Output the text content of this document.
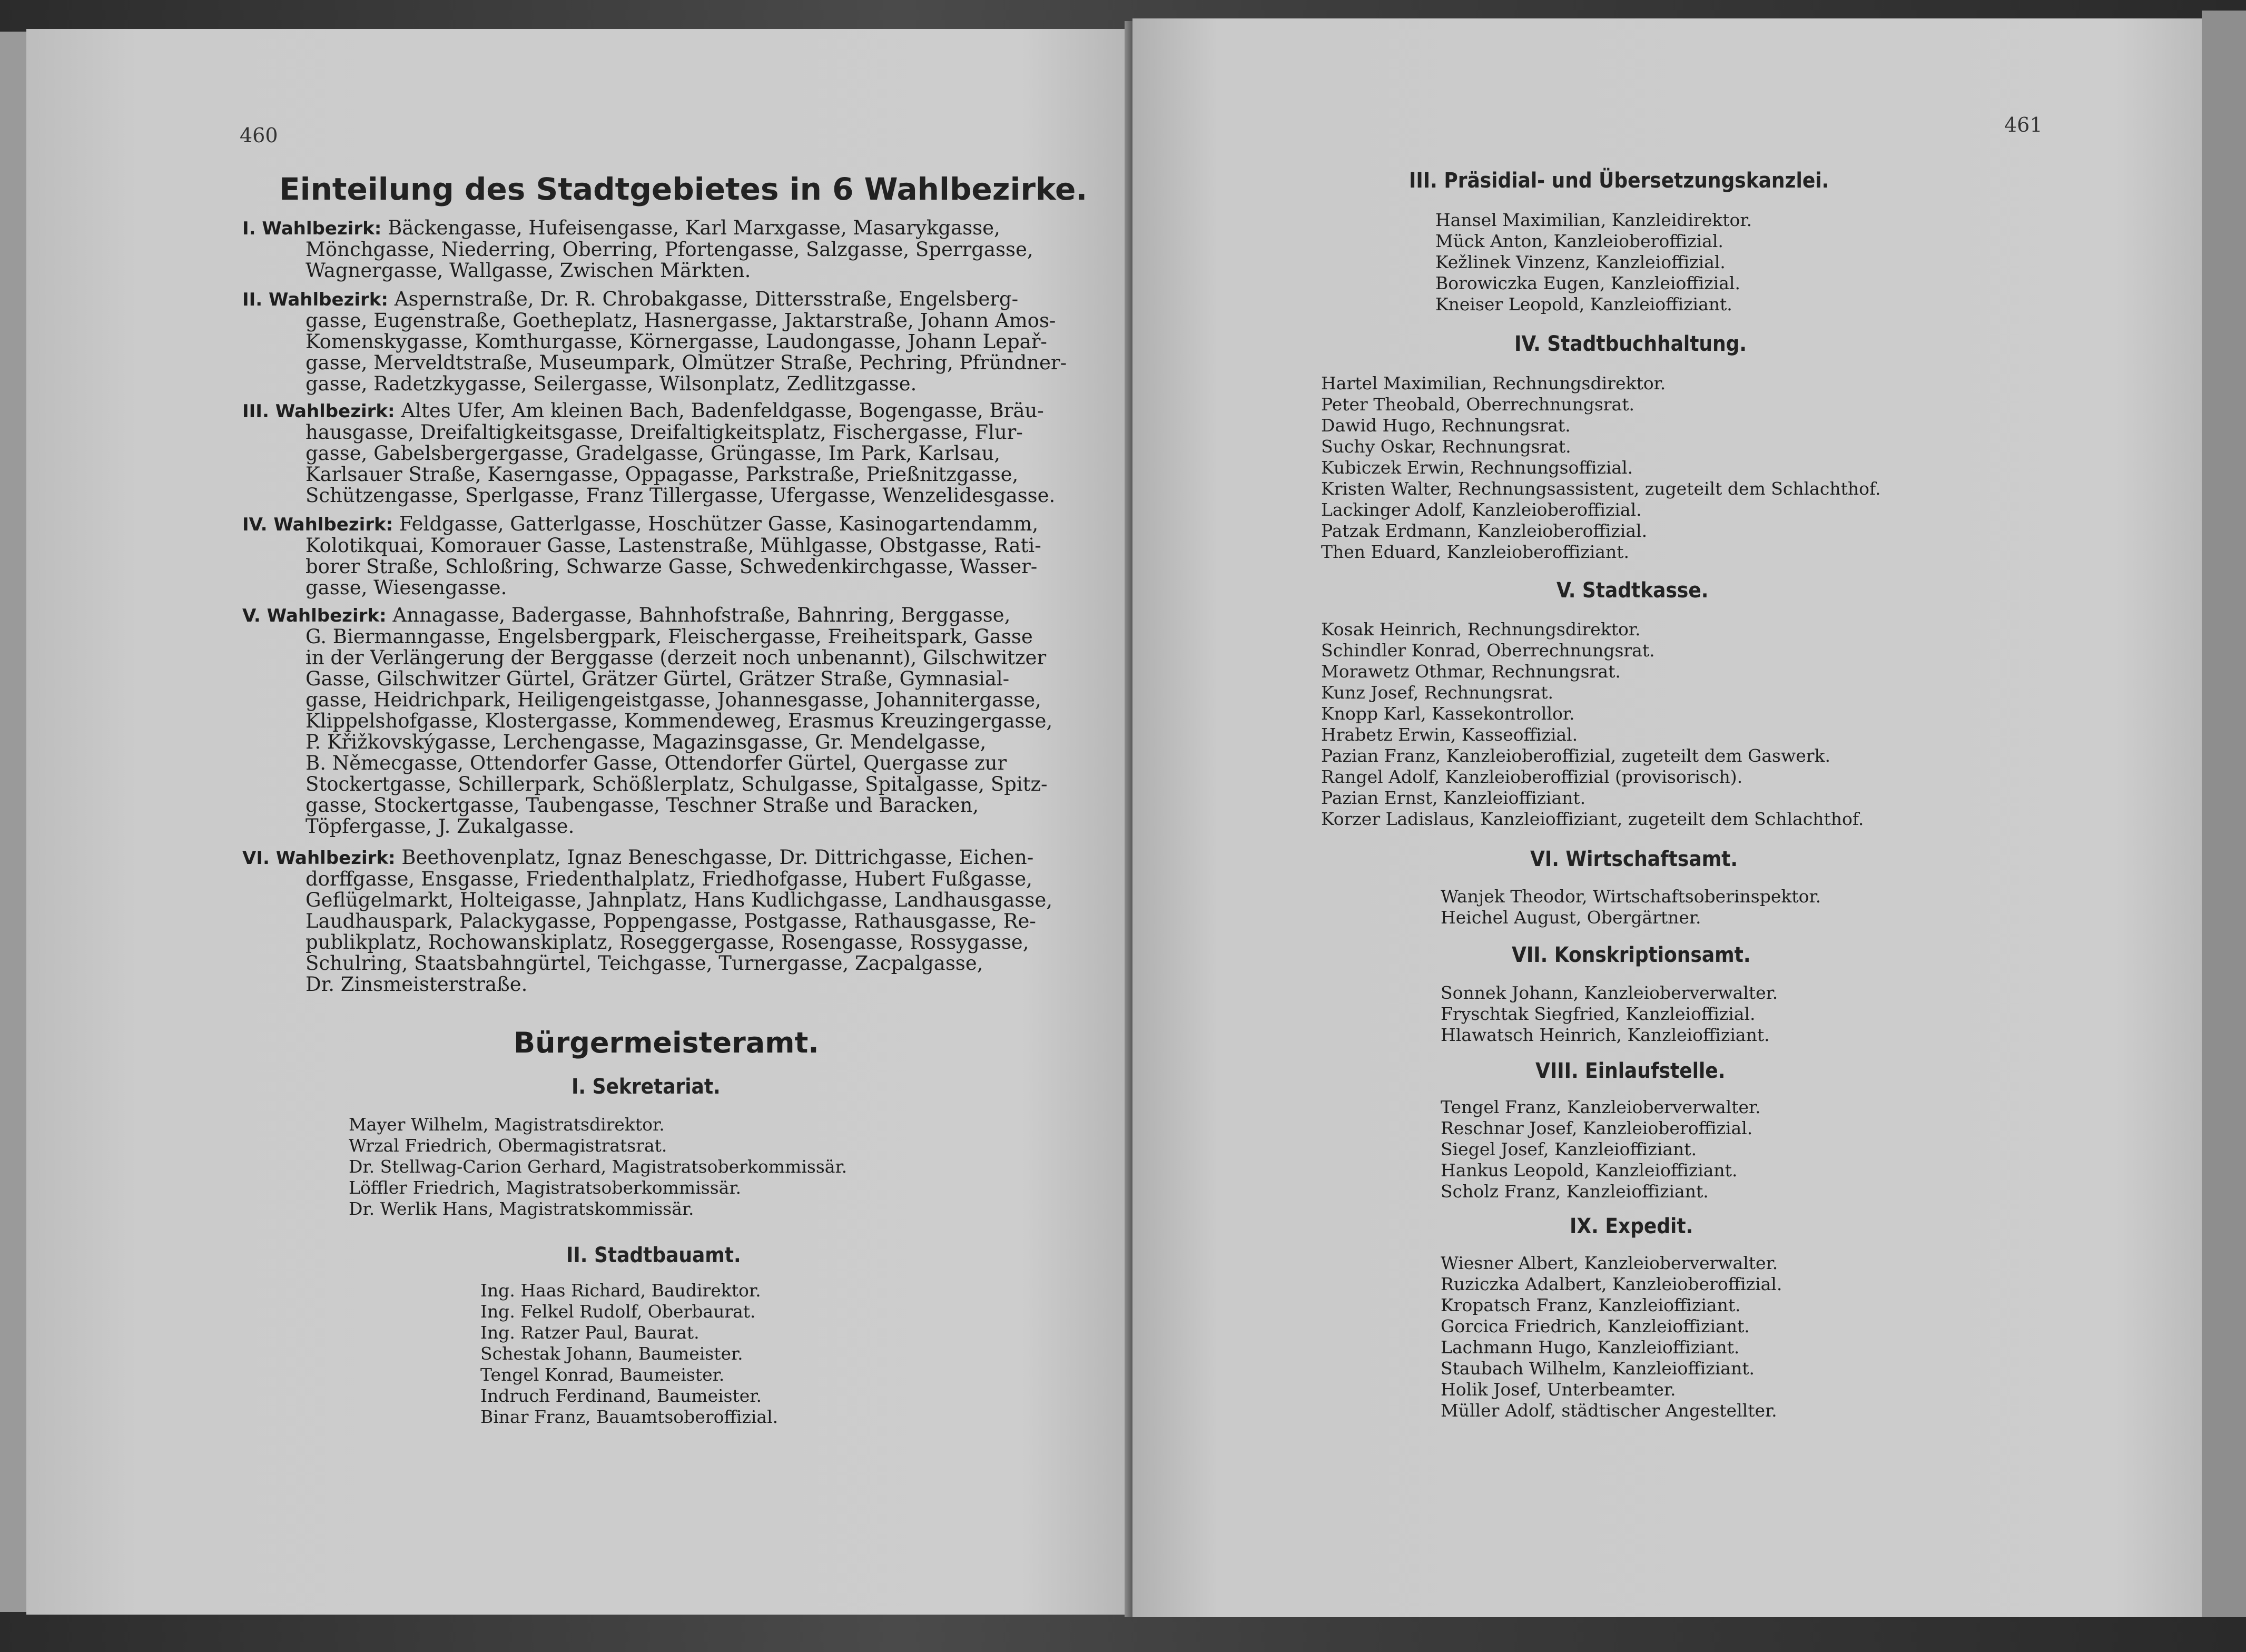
460
Einteilung des Stadtgebietes in 6 Wahlbezirke.
I. Wahlbezirk: Bäckengasse, Hufeisengasse, Karl Marxgasse, Masarykgasse,
Mönchgasse, Niederring, Oberring, Pfortengasse, Salzgasse, Sperrgasse,
Wagnergasse, Wallgasse, Zwischen Märkten.
II. Wahlbezirk: Aspernstraße, Dr. R. Chrobakgasse, Dittersstraße, Engelsberg-
gasse, Eugenstraße, Goetheplatz, Hasnergasse, Jaktarstraße, Johann Amos-
Komenskygasse, Komthurgasse, Körnergasse, Laudongasse, Johann Lepař-
gasse, Merveldtstraße, Museumpark, Olmützer Straße, Pechring, Pfründner-
gasse, Radetzkygasse, Seilergasse, Wilsonplatz, Zedlitzgasse.
III. Wahlbezirk: Altes Ufer, Am kleinen Bach, Badenfeldgasse, Bogengasse, Bräu-
hausgasse, Dreifaltigkeitsgasse, Dreifaltigkeitsplatz, Fischergasse, Flur-
gasse, Gabelsbergergasse, Gradelgasse, Grüngasse, Im Park, Karlsau,
Karlsauer Straße, Kaserngasse, Oppagasse, Parkstraße, Prießnitzgasse,
Schützengasse, Sperlgasse, Franz Tillergasse, Ufergasse, Wenzelidesgasse.
IV. Wahlbezirk: Feldgasse, Gatterlgasse, Hoschützer Gasse, Kasinogartendamm,
Kolotikquai, Komorauer Gasse, Lastenstraße, Mühlgasse, Obstgasse, Rati-
borer Straße, Schloßring, Schwarze Gasse, Schwedenkirchgasse, Wasser-
gasse, Wiesengasse.
V. Wahlbezirk: Annagasse, Badergasse, Bahnhofstraße, Bahnring, Berggasse,
G. Biermanngasse, Engelsbergpark, Fleischergasse, Freiheitspark, Gasse
in der Verlängerung der Berggasse (derzeit noch unbenannt), Gilschwitzer
Gasse, Gilschwitzer Gürtel, Grätzer Gürtel, Grätzer Straße, Gymnasial-
gasse, Heidrichpark, Heiligengeistgasse, Johannesgasse, Johannitergasse,
Klippelshofgasse, Klostergasse, Kommendeweg, Erasmus Kreuzingergasse,
P. Křižkovskýgasse, Lerchengasse, Magazinsgasse, Gr. Mendelgasse,
B. Němecgasse, Ottendorfer Gasse, Ottendorfer Gürtel, Quergasse zur
Stockertgasse, Schillerpark, Schößlerplatz, Schulgasse, Spitalgasse, Spitz-
gasse, Stockertgasse, Taubengasse, Teschner Straße und Baracken,
Töpfergasse, J. Zukalgasse.
VI. Wahlbezirk: Beethovenplatz, Ignaz Beneschgasse, Dr. Dittrichgasse, Eichen-
dorffgasse, Ensgasse, Friedenthalplatz, Friedhofgasse, Hubert Fußgasse,
Geflügelmarkt, Holteigasse, Jahnplatz, Hans Kudlichgasse, Landhausgasse,
Laudhauspark, Palackygasse, Poppengasse, Postgasse, Rathausgasse, Re-
publikplatz, Rochowanskiplatz, Roseggergasse, Rosengasse, Rossygasse,
Schulring, Staatsbahngürtel, Teichgasse, Turnergasse, Zacpalgasse,
Dr. Zinsmeisterstraße.
Bürgermeisteramt.
I. Sekretariat.
Mayer Wilhelm, Magistratsdirektor.
Wrzal Friedrich, Obermagistratsrat.
Dr. Stellwag-Carion Gerhard, Magistratsoberkommissär.
Löffler Friedrich, Magistratsoberkommissär.
Dr. Werlik Hans, Magistratskommissär.
II. Stadtbauamt.
Ing. Haas Richard, Baudirektor.
Ing. Felkel Rudolf, Oberbaurat.
Ing. Ratzer Paul, Baurat.
Schestak Johann, Baumeister.
Tengel Konrad, Baumeister.
Indruch Ferdinand, Baumeister.
Binar Franz, Bauamtsoberoffizial.
461
III. Präsidial- und Übersetzungskanzlei.
Hansel Maximilian, Kanzleidirektor.
Mück Anton, Kanzleioberoffizial.
Kežlinek Vinzenz, Kanzleioffizial.
Borowiczka Eugen, Kanzleioffizial.
Kneiser Leopold, Kanzleioffiziant.
IV. Stadtbuchhaltung.
Hartel Maximilian, Rechnungsdirektor.
Peter Theobald, Oberrechnungsrat.
Dawid Hugo, Rechnungsrat.
Suchy Oskar, Rechnungsrat.
Kubiczek Erwin, Rechnungsoffizial.
Kristen Walter, Rechnungsassistent, zugeteilt dem Schlachthof.
Lackinger Adolf, Kanzleioberoffizial.
Patzak Erdmann, Kanzleioberoffizial.
Then Eduard, Kanzleioberoffiziant.
V. Stadtkasse.
Kosak Heinrich, Rechnungsdirektor.
Schindler Konrad, Oberrechnungsrat.
Morawetz Othmar, Rechnungsrat.
Kunz Josef, Rechnungsrat.
Knopp Karl, Kassekontrollor.
Hrabetz Erwin, Kasseoffizial.
Pazian Franz, Kanzleioberoffizial, zugeteilt dem Gaswerk.
Rangel Adolf, Kanzleioberoffizial (provisorisch).
Pazian Ernst, Kanzleioffiziant.
Korzer Ladislaus, Kanzleioffiziant, zugeteilt dem Schlachthof.
VI. Wirtschaftsamt.
Wanjek Theodor, Wirtschaftsoberinspektor.
Heichel August, Obergärtner.
VII. Konskriptionsamt.
Sonnek Johann, Kanzleioberverwalter.
Fryschtak Siegfried, Kanzleioffizial.
Hlawatsch Heinrich, Kanzleioffiziant.
VIII. Einlaufstelle.
Tengel Franz, Kanzleioberverwalter.
Reschnar Josef, Kanzleioberoffizial.
Siegel Josef, Kanzleioffiziant.
Hankus Leopold, Kanzleioffiziant.
Scholz Franz, Kanzleioffiziant.
IX. Expedit.
Wiesner Albert, Kanzleioberverwalter.
Ruziczka Adalbert, Kanzleioberoffizial.
Kropatsch Franz, Kanzleioffiziant.
Gorcica Friedrich, Kanzleioffiziant.
Lachmann Hugo, Kanzleioffiziant.
Staubach Wilhelm, Kanzleioffiziant.
Holik Josef, Unterbeamter.
Müller Adolf, städtischer Angestellter.
